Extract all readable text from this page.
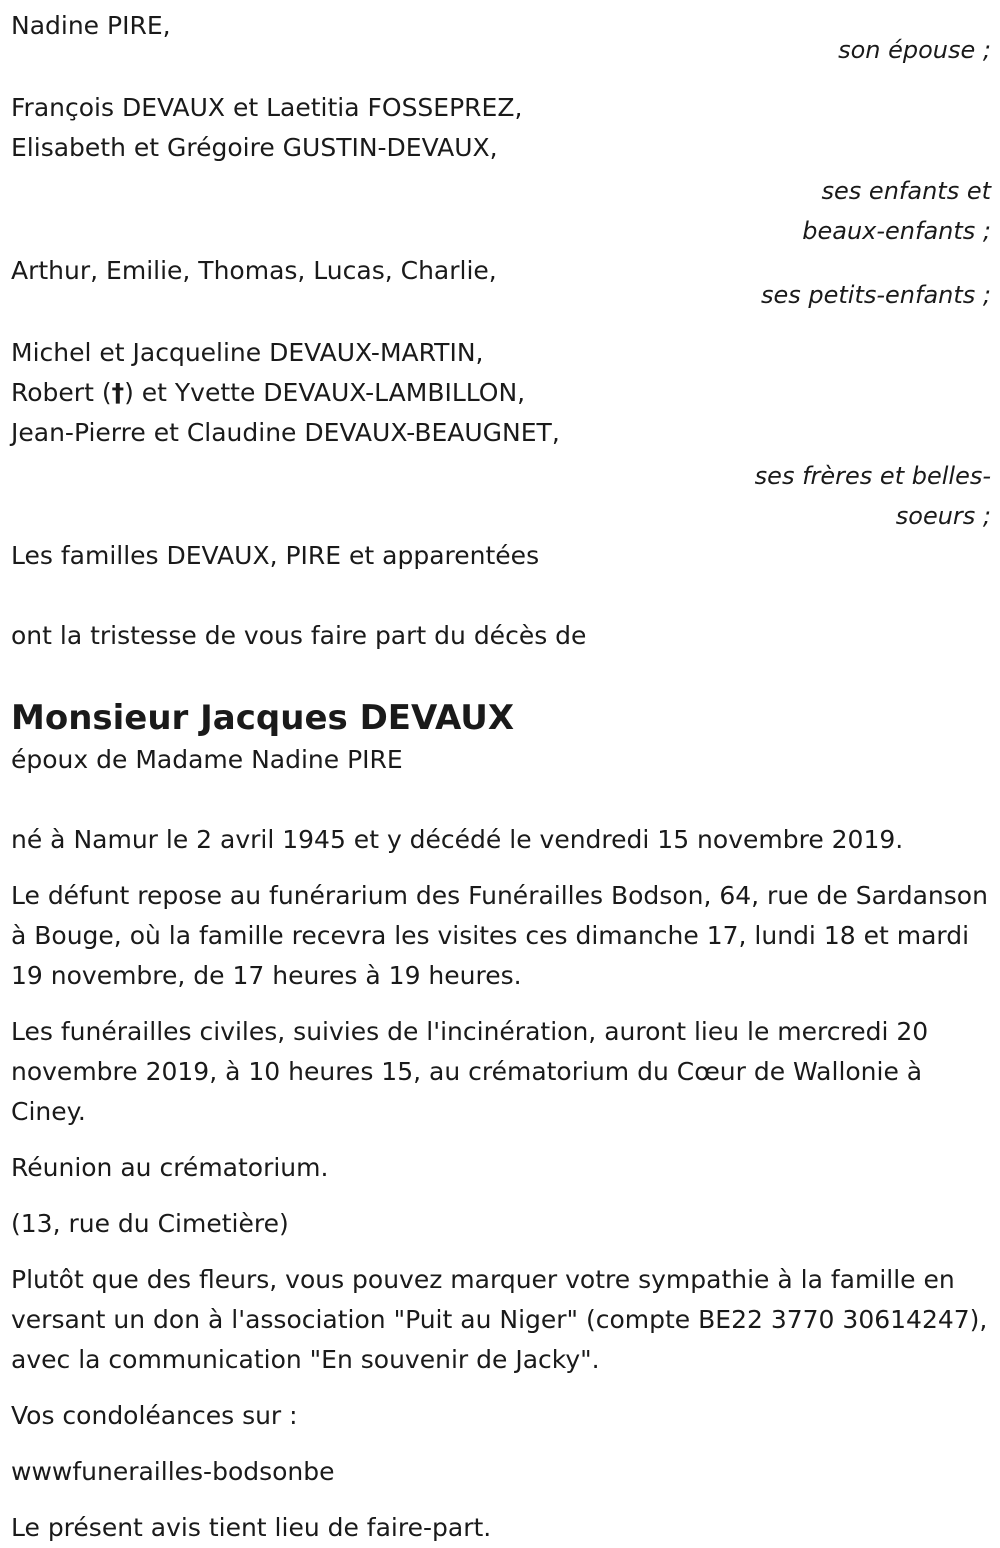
Nadine PIRE,
son épouse ;
François DEVAUX et Laetitia FOSSEPREZ,
Elisabeth et Grégoire GUSTIN-DEVAUX,
ses enfants et
beaux-enfants ;
Arthur, Emilie, Thomas, Lucas, Charlie,
ses petits-enfants ;
Michel et Jacqueline DEVAUX-MARTIN,
Robert (†) et Yvette DEVAUX-LAMBILLON,
Jean-Pierre et Claudine DEVAUX-BEAUGNET,
ses frères et belles-
soeurs ;
Les familles DEVAUX, PIRE et apparentées
ont la tristesse de vous faire part du décès de
Monsieur Jacques DEVAUX
époux de Madame Nadine PIRE
né à Namur le 2 avril 1945 et y décédé le vendredi 15 novembre 2019.
Le défunt repose au funérarium des Funérailles Bodson, 64, rue de Sardanson à Bouge, où la famille recevra les visites ces dimanche 17, lundi 18 et mardi 19 novembre, de 17 heures à 19 heures.
Les funérailles civiles, suivies de l'incinération, auront lieu le mercredi 20 novembre 2019, à 10 heures 15, au crématorium du Cœur de Wallonie à Ciney.
Réunion au crématorium.
(13, rue du Cimetière)
Plutôt que des fleurs, vous pouvez marquer votre sympathie à la famille en versant un don à l'association "Puit au Niger" (compte BE22 3770 30614247), avec la communication "En souvenir de Jacky".
Vos condoléances sur :
wwwfunerailles-bodsonbe
Le présent avis tient lieu de faire-part.
